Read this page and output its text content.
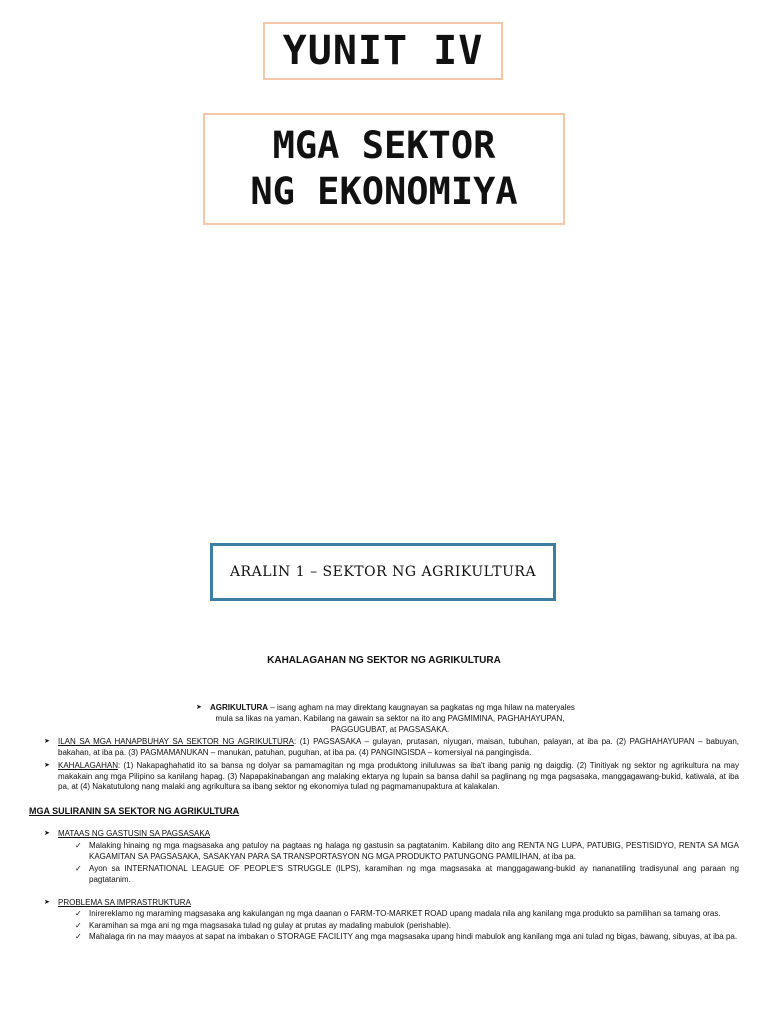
YUNIT IV
MGA SEKTOR
NG EKONOMIYA
ARALIN 1 – SEKTOR NG AGRIKULTURA
KAHALAGAHAN NG SEKTOR NG AGRIKULTURA
➤ AGRIKULTURA – isang agham na may direktang kaugnayan sa pagkatas ng mga hilaw na materyales
mula sa likas na yaman. Kabilang na gawain sa sektor na ito ang PAGMIMINA, PAGHAHAYUPAN,
PAGGUGUBAT, at PAGSASAKA.
➤ ILAN SA MGA HANAPBUHAY SA SEKTOR NG AGRIKULTURA: (1) PAGSASAKA – gulayan, prutasan, niyugan, maisan, tubuhan, palayan, at iba pa. (2) PAGHAHAYUPAN – babuyan, bakahan, at iba pa. (3) PAGMAMANUKAN – manukan, patuhan, puguhan, at iba pa. (4) PANGINGISDA – komersiyal na pangingisda.
➤ KAHALAGAHAN: (1) Nakapaghahatid ito sa bansa ng dolyar sa pamamagitan ng mga produktong iniluluwas sa iba't ibang panig ng daigdig. (2) Tinitiyak ng sektor ng agrikultura na may makakain ang mga Pilipino sa kanilang hapag. (3) Napapakinabangan ang malaking ektarya ng lupain sa bansa dahil sa paglinang ng mga pagsasaka, manggagawang-bukid, katiwala, at iba pa, at (4) Nakatutulong nang malaki ang agrikultura sa ibang sektor ng ekonomiya tulad ng pagmamanupaktura at kalakalan.
MGA SULIRANIN SA SEKTOR NG AGRIKULTURA
➤ MATAAS NG GASTUSIN SA PAGSASAKA
✓ Malaking hinaing ng mga magsasaka ang patuloy na pagtaas ng halaga ng gastusin sa pagtatanim. Kabilang dito ang RENTA NG LUPA, PATUBIG, PESTISIDYO, RENTA SA MGA KAGAMITAN SA PAGSASAKA, SASAKYAN PARA SA TRANSPORTASYON NG MGA PRODUKTO PATUNGONG PAMILIHAN, at iba pa.
✓ Ayon sa INTERNATIONAL LEAGUE OF PEOPLE'S STRUGGLE (ILPS), karamihan ng mga magsasaka at manggagawang-bukid ay nananatiling tradisyunal ang paraan ng pagtatanim.
➤ PROBLEMA SA IMPRASTRUKTURA
✓ Inirereklamo ng maraming magsasaka ang kakulangan ng mga daanan o FARM-TO-MARKET ROAD upang madala nila ang kanilang mga produkto sa pamilihan sa tamang oras.
✓ Karamihan sa mga ani ng mga magsasaka tulad ng gulay at prutas ay madaling mabulok (perishable).
✓ Mahalaga rin na may maayos at sapat na imbakan o STORAGE FACILITY ang mga magsasaka upang hindi mabulok ang kanilang mga ani tulad ng bigas, bawang, sibuyas, at iba pa.
